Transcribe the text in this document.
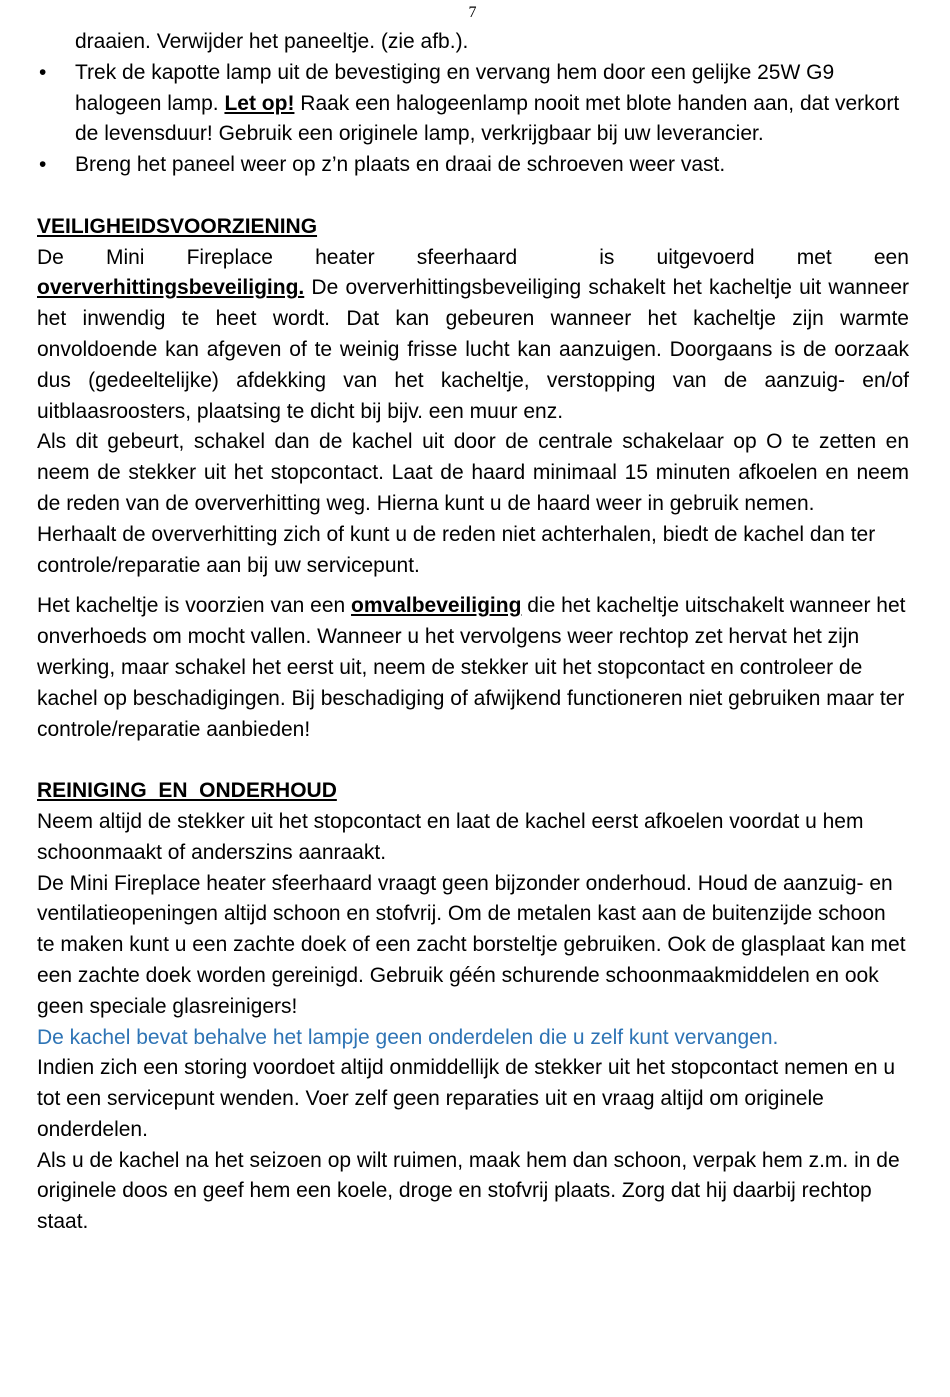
7
draaien. Verwijder het paneeltje. (zie afb.).
• Trek de kapotte lamp uit de bevestiging en vervang hem door een gelijke 25W G9 halogeen lamp. Let op! Raak een halogeenlamp nooit met blote handen aan, dat verkort de levensduur! Gebruik een originele lamp, verkrijgbaar bij uw leverancier.
• Breng het paneel weer op z’n plaats en draai de schroeven weer vast.
VEILIGHEIDSVOORZIENING
De Mini Fireplace heater sfeerhaard	is uitgevoerd met een
oververhittingsbeveiliging. De oververhittingsbeveiliging schakelt het kacheltje uit wanneer het inwendig te heet wordt. Dat kan gebeuren wanneer het kacheltje zijn warmte onvoldoende kan afgeven of te weinig frisse lucht kan aanzuigen. Doorgaans is de oorzaak dus (gedeeltelijke) afdekking van het kacheltje, verstopping van de aanzuig- en/of uitblaasroosters, plaatsing te dicht bij bijv. een muur enz.
Als dit gebeurt, schakel dan de kachel uit door de centrale schakelaar op O te zetten en neem de stekker uit het stopcontact. Laat de haard minimaal 15 minuten afkoelen en neem de reden van de oververhitting weg. Hierna kunt u de haard weer in gebruik nemen.
Herhaalt de oververhitting zich of kunt u de reden niet achterhalen, biedt de kachel dan ter controle/reparatie aan bij uw servicepunt.
Het kacheltje is voorzien van een omvalbeveiliging die het kacheltje uitschakelt wanneer het onverhoeds om mocht vallen. Wanneer u het vervolgens weer rechtop zet hervat het zijn werking, maar schakel het eerst uit, neem de stekker uit het stopcontact en controleer de kachel op beschadigingen. Bij beschadiging of afwijkend functioneren niet gebruiken maar ter controle/reparatie aanbieden!
REINIGING  EN  ONDERHOUD
Neem altijd de stekker uit het stopcontact en laat de kachel eerst afkoelen voordat u hem schoonmaakt of anderszins aanraakt.
De Mini Fireplace heater sfeerhaard vraagt geen bijzonder onderhoud. Houd de aanzuig- en ventilatieopeningen altijd schoon en stofvrij. Om de metalen kast aan de buitenzijde schoon te maken kunt u een zachte doek of een zacht borsteltje gebruiken. Ook de glasplaat kan met een zachte doek worden gereinigd. Gebruik géén schurende schoonmaakmiddelen en ook geen speciale glasreinigers!
De kachel bevat behalve het lampje geen onderdelen die u zelf kunt vervangen.
Indien zich een storing voordoet altijd onmiddellijk de stekker uit het stopcontact nemen en u tot een servicepunt wenden. Voer zelf geen reparaties uit en vraag altijd om originele onderdelen.
Als u de kachel na het seizoen op wilt ruimen, maak hem dan schoon, verpak hem z.m. in de originele doos en geef hem een koele, droge en stofvrij plaats. Zorg dat hij daarbij rechtop staat.
